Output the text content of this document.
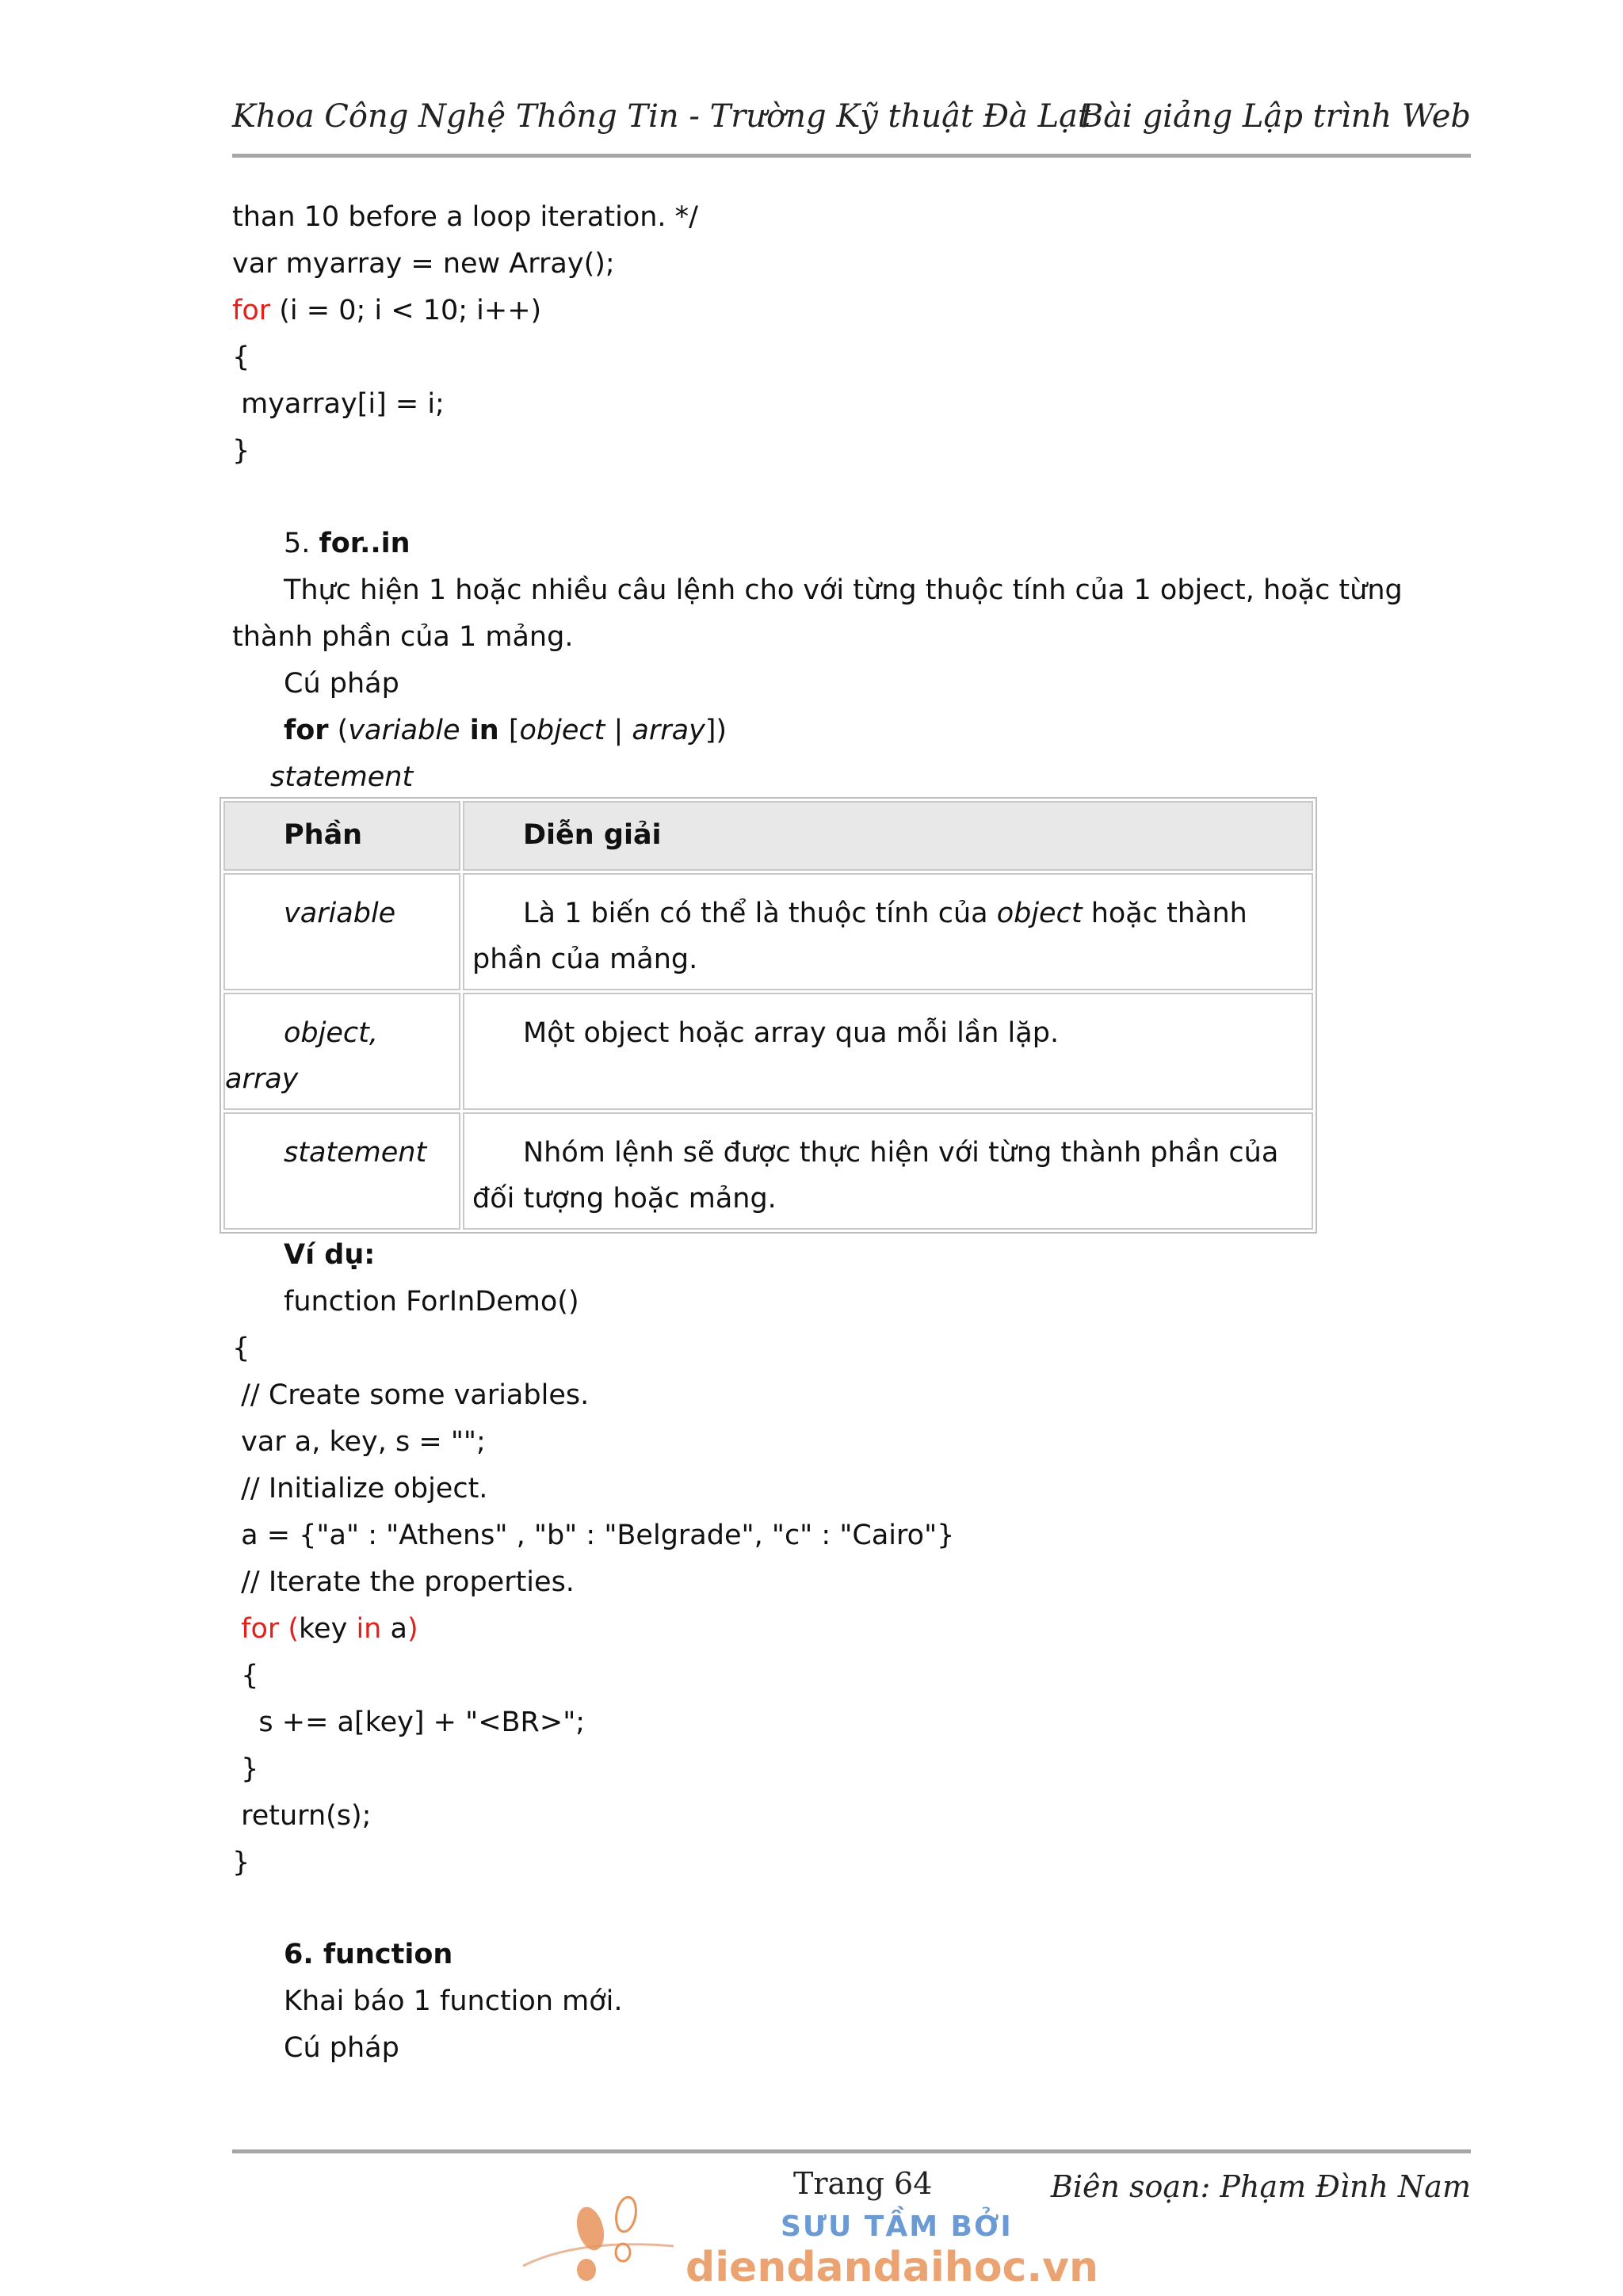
Khoa Công Nghệ Thông Tin - Trường Kỹ thuật Đà Lạt
Bài giảng Lập trình Web
than 10 before a loop iteration. */
var myarray = new Array();
for (i = 0; i < 10; i++)
{
myarray[i] = i;
}
5. for..in
Thực hiện 1 hoặc nhiều câu lệnh cho với từng thuộc tính của 1 object, hoặc từng
thành phần của 1 mảng.
Cú pháp
for (variable in [object | array])
statement
Phần	Diễn giải
variable	Là 1 biến có thể là thuộc tính của object hoặc thành
phần của mảng.
object,
array	Một object hoặc array qua mỗi lần lặp.
statement	Nhóm lệnh sẽ được thực hiện với từng thành phần của
đối tượng hoặc mảng.
Ví dụ:
function ForInDemo()
{
// Create some variables.
var a, key, s = "";
// Initialize object.
a = {"a" : "Athens" , "b" : "Belgrade", "c" : "Cairo"}
// Iterate the properties.
for (key in a)
{
s += a[key] + "<BR>";
}
return(s);
}
6. function
Khai báo 1 function mới.
Cú pháp
Trang 64	Biên soạn: Phạm Đình Nam
SƯU TẦM BỞI
diendandaihoc.vn
